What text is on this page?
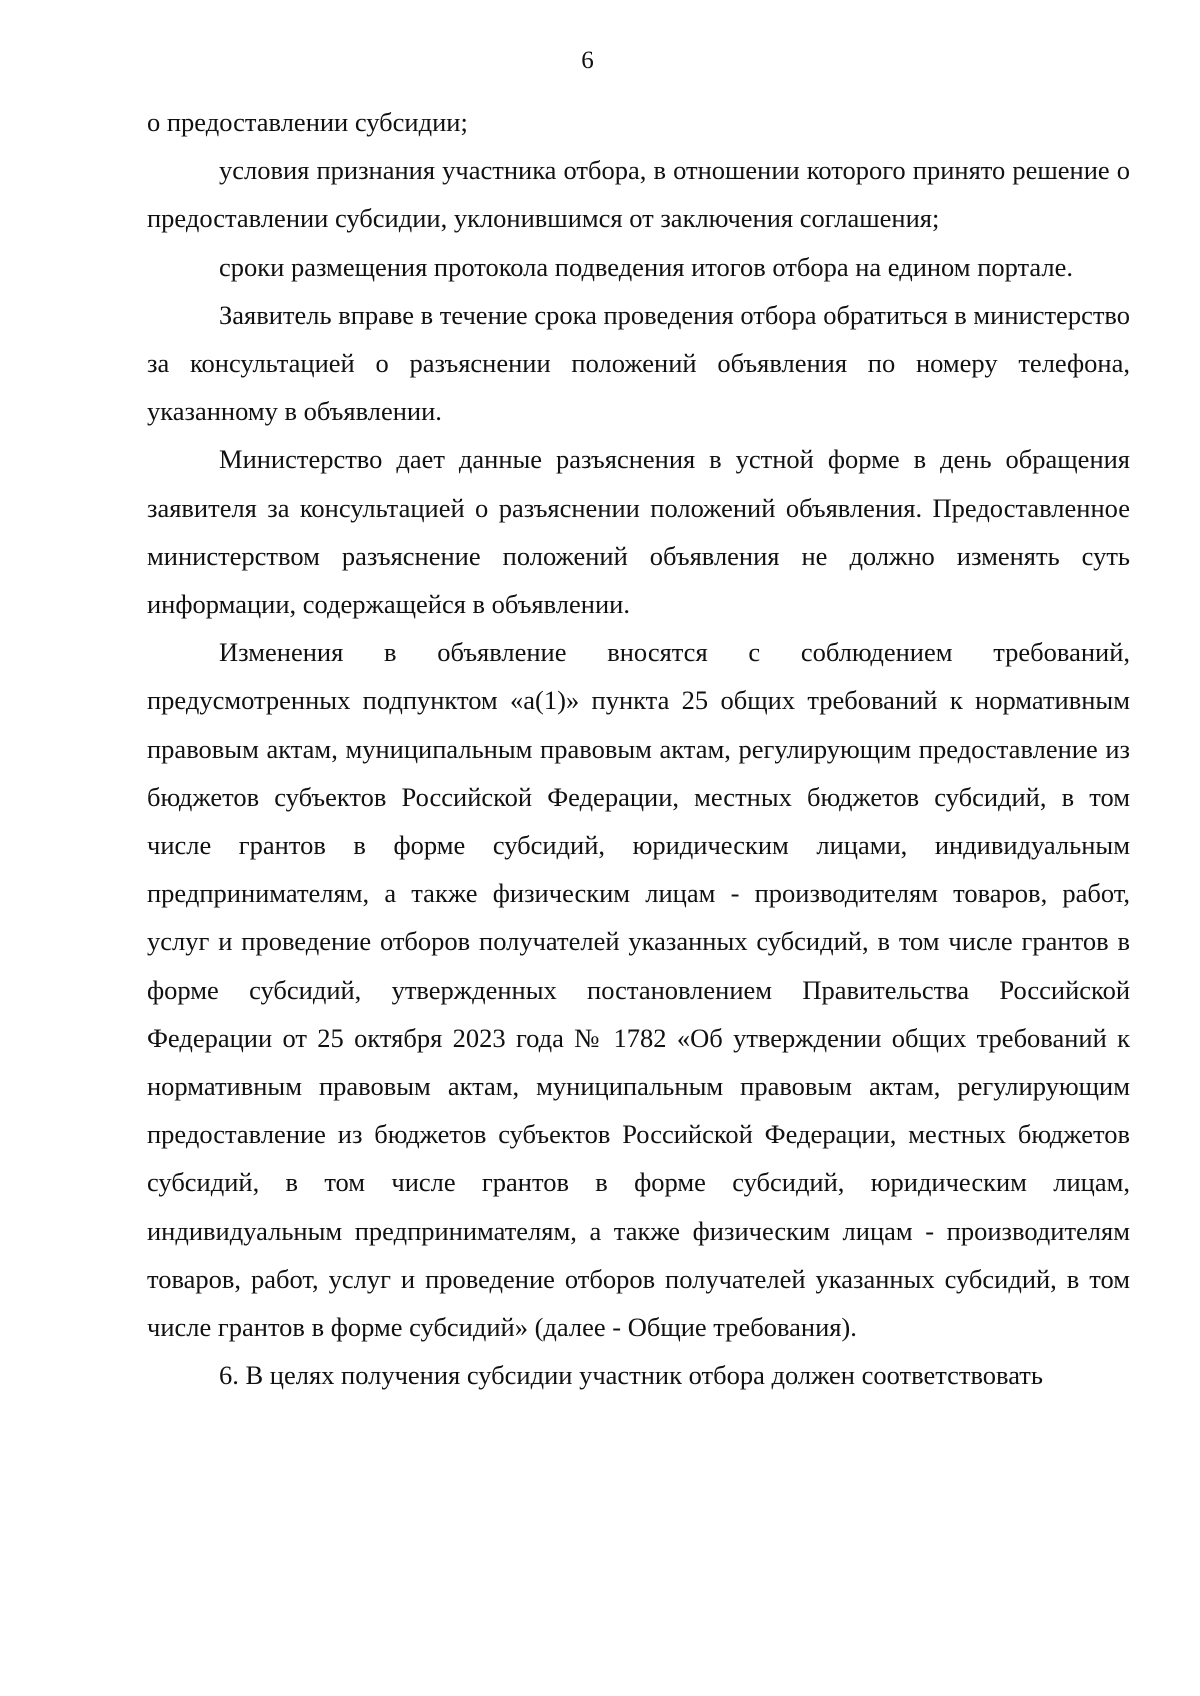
6

о предоставлении субсидии;

условия признания участника отбора, в отношении которого принято решение о предоставлении субсидии, уклонившимся от заключения соглашения;

сроки размещения протокола подведения итогов отбора на едином портале.

Заявитель вправе в течение срока проведения отбора обратиться в министерство за консультацией о разъяснении положений объявления по номеру телефона, указанному в объявлении.

Министерство дает данные разъяснения в устной форме в день обращения заявителя за консультацией о разъяснении положений объявления. Предоставленное министерством разъяснение положений объявления не должно изменять суть информации, содержащейся в объявлении.

Изменения в объявление вносятся с соблюдением требований, предусмотренных подпунктом «а(1)» пункта 25 общих требований к нормативным правовым актам, муниципальным правовым актам, регулирующим предоставление из бюджетов субъектов Российской Федерации, местных бюджетов субсидий, в том числе грантов в форме субсидий, юридическим лицами, индивидуальным предпринимателям, а также физическим лицам - производителям товаров, работ, услуг и проведение отборов получателей указанных субсидий, в том числе грантов в форме субсидий, утвержденных постановлением Правительства Российской Федерации от 25 октября 2023 года № 1782 «Об утверждении общих требований к нормативным правовым актам, муниципальным правовым актам, регулирующим предоставление из бюджетов субъектов Российской Федерации, местных бюджетов субсидий, в том числе грантов в форме субсидий, юридическим лицам, индивидуальным предпринимателям, а также физическим лицам - производителям товаров, работ, услуг и проведение отборов получателей указанных субсидий, в том числе грантов в форме субсидий» (далее - Общие требования).

6. В целях получения субсидии участник отбора должен соответствовать
